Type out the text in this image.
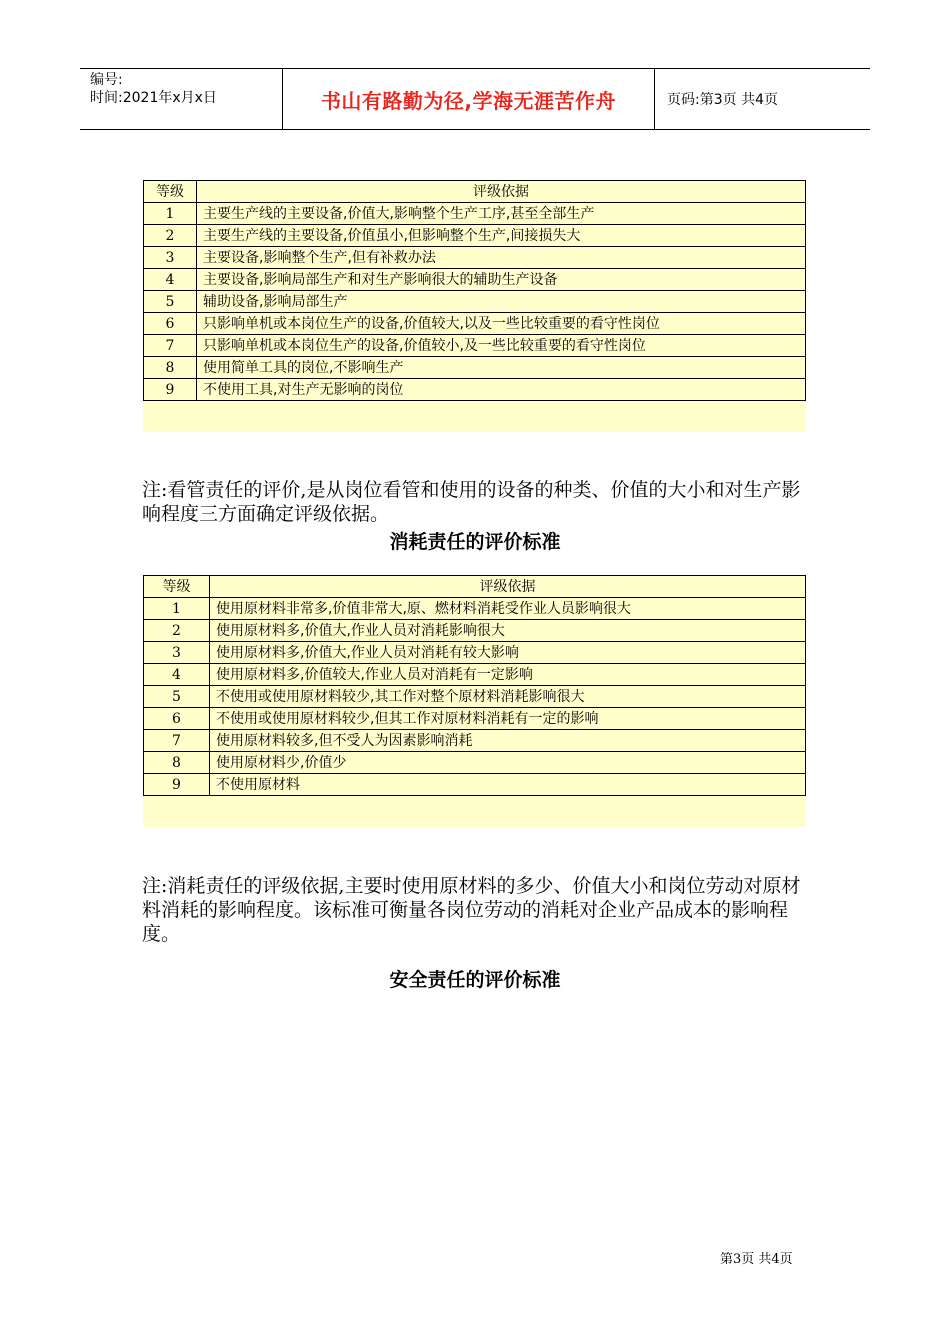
编号:
时间:2021年x月x日	书山有路勤为径,学海无涯苦作舟	页码:第3页 共4页
等级	评级依据
1	主要生产线的主要设备,价值大,影响整个生产工序,甚至全部生产
2	主要生产线的主要设备,价值虽小,但影响整个生产,间接损失大
3	主要设备,影响整个生产,但有补救办法
4	主要设备,影响局部生产和对生产影响很大的辅助生产设备
5	辅助设备,影响局部生产
6	只影响单机或本岗位生产的设备,价值较大,以及一些比较重要的看守性岗位
7	只影响单机或本岗位生产的设备,价值较小,及一些比较重要的看守性岗位
8	使用简单工具的岗位,不影响生产
9	不使用工具,对生产无影响的岗位
注:看管责任的评价,是从岗位看管和使用的设备的种类、价值的大小和对生产影响程度三方面确定评级依据。
消耗责任的评价标准
等级	评级依据
1	使用原材料非常多,价值非常大,原、燃材料消耗受作业人员影响很大
2	使用原材料多,价值大,作业人员对消耗影响很大
3	使用原材料多,价值大,作业人员对消耗有较大影响
4	使用原材料多,价值较大,作业人员对消耗有一定影响
5	不使用或使用原材料较少,其工作对整个原材料消耗影响很大
6	不使用或使用原材料较少,但其工作对原材料消耗有一定的影响
7	使用原材料较多,但不受人为因素影响消耗
8	使用原材料少,价值少
9	不使用原材料
注:消耗责任的评级依据,主要时使用原材料的多少、价值大小和岗位劳动对原材料消耗的影响程度。该标准可衡量各岗位劳动的消耗对企业产品成本的影响程度。
安全责任的评价标准
第3页 共4页
